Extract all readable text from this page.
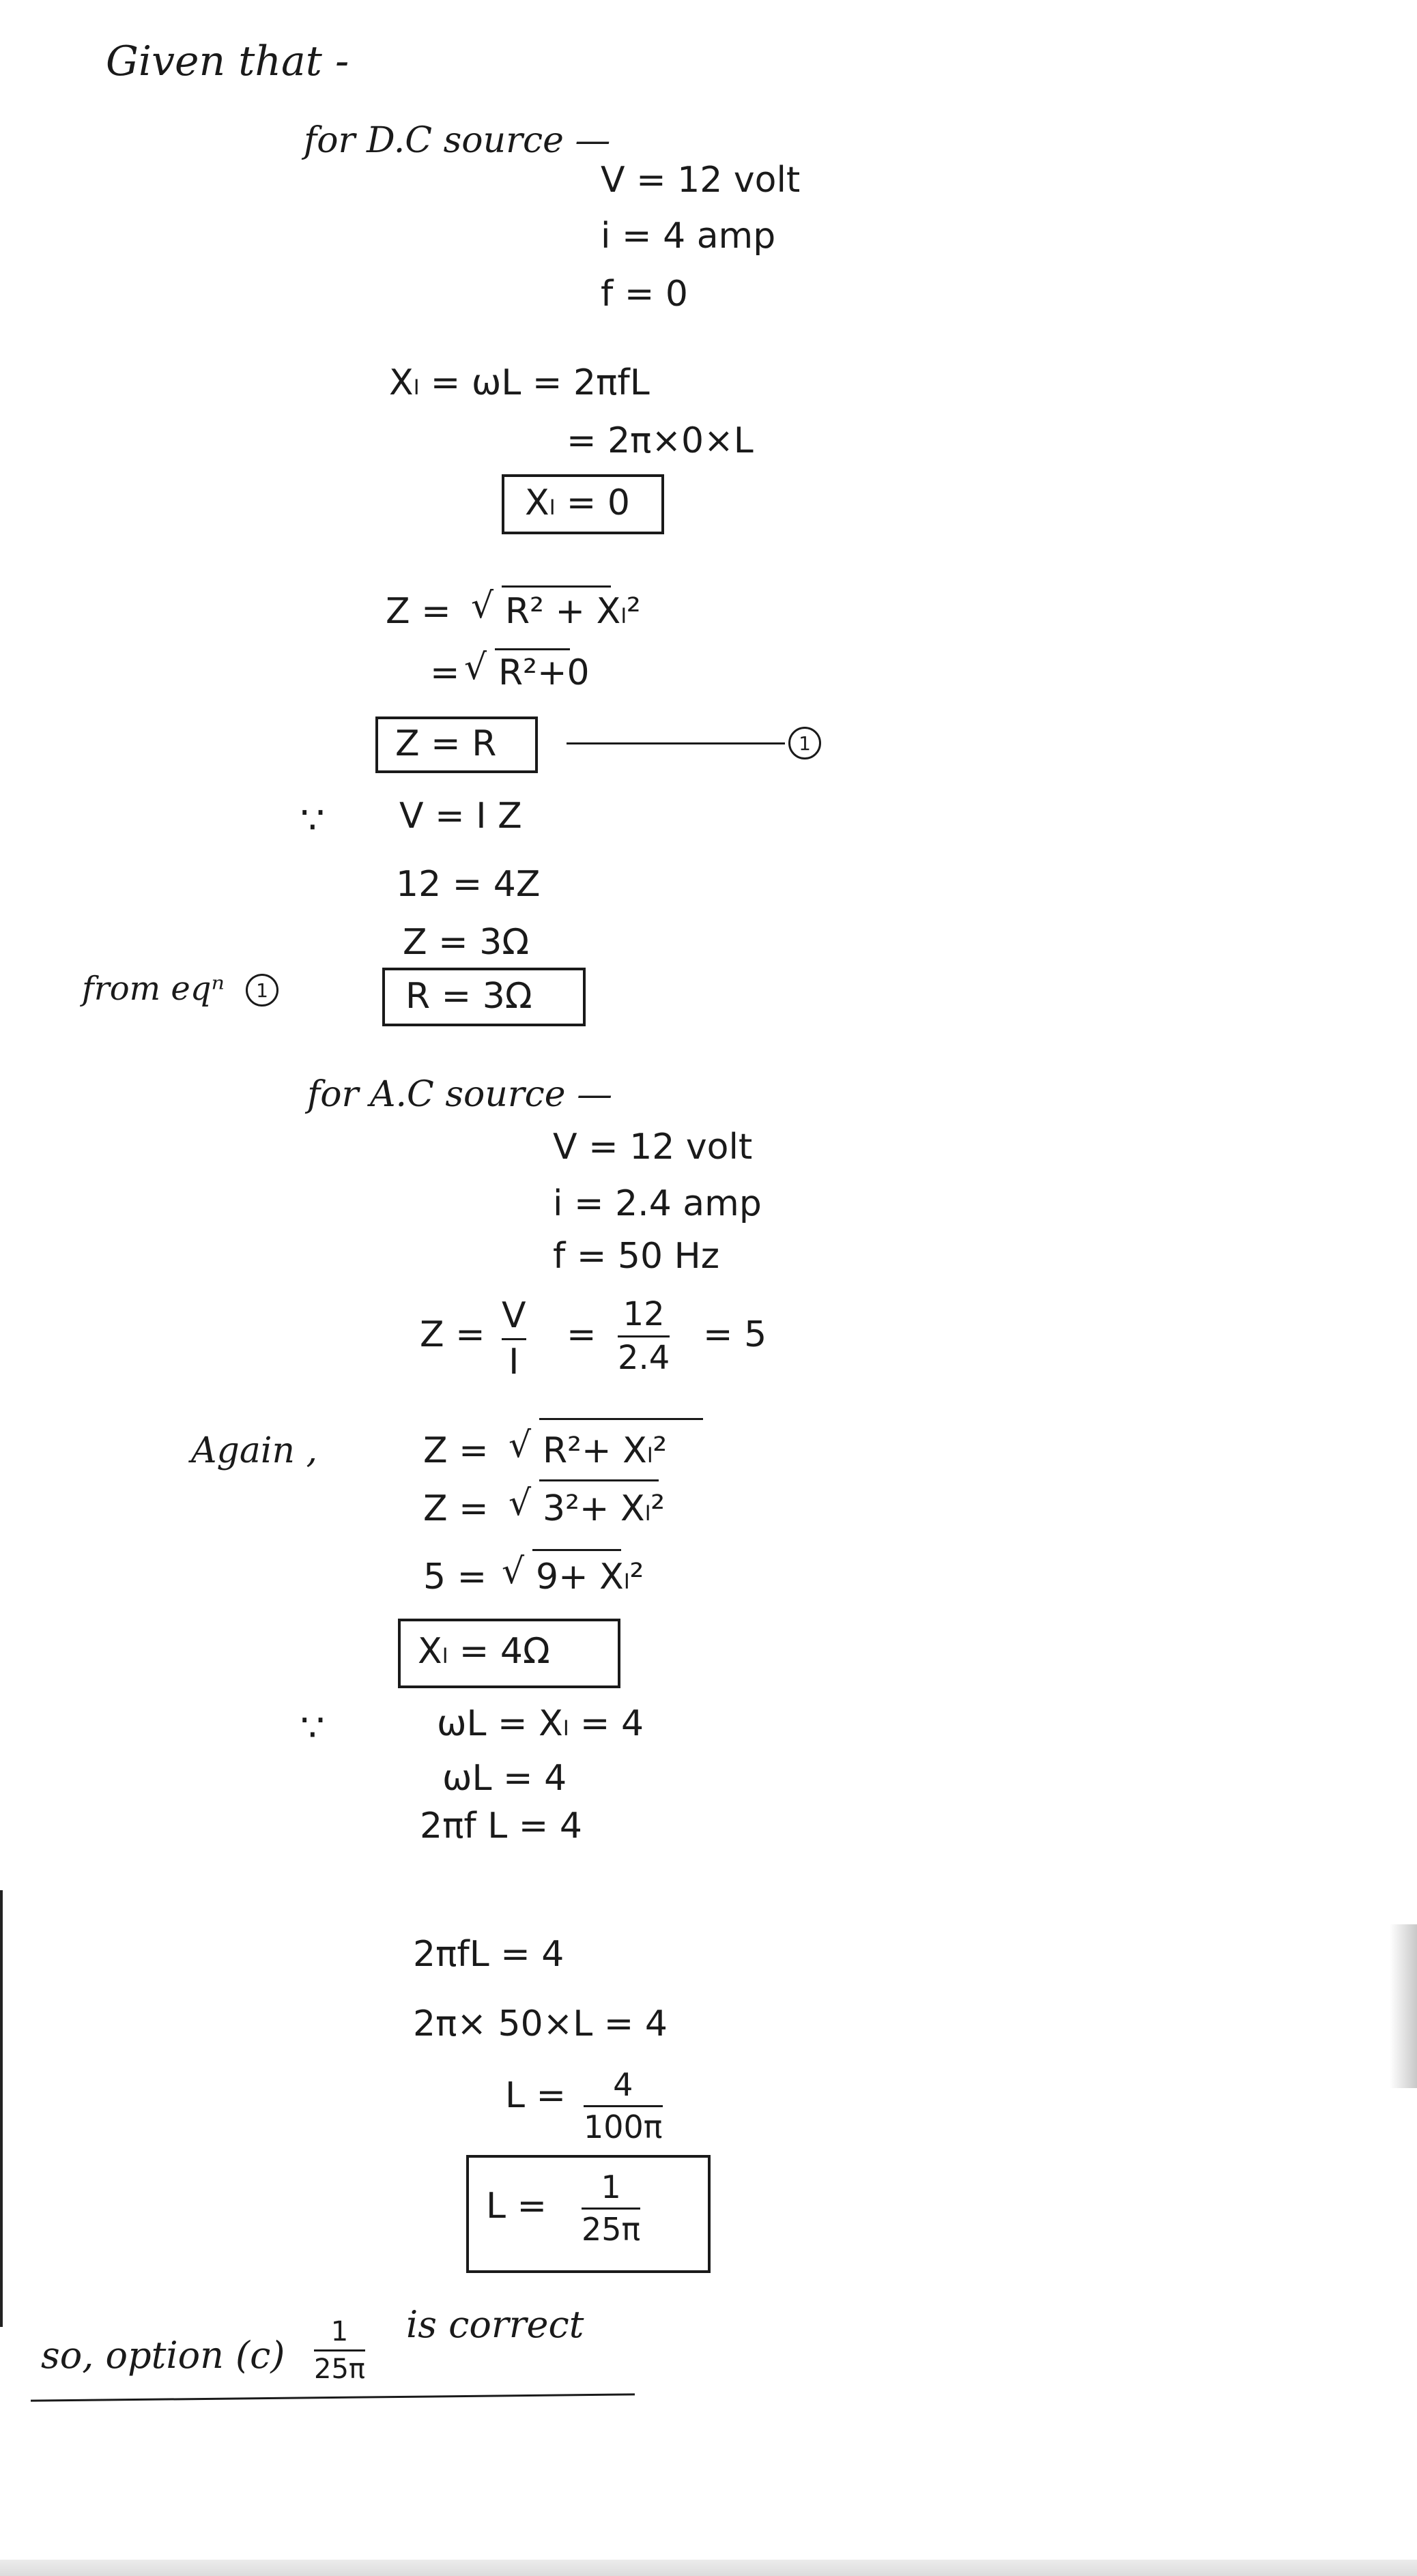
Given that -
for D.C source —
V = 12 volt
i = 4 amp
f = 0
Xₗ = ωL = 2πfL
= 2π×0×L
Xₗ = 0
Z = √ R² + Xₗ²
= √ R²+0
Z = R	1
∵ V = I Z
12 = 4Z
Z = 3Ω
from eqⁿ	1	R = 3Ω
for A.C source —
V = 12 volt
i = 2.4 amp
f = 50 Hz
Z = V
I
= 12
2.4
= 5
Again ,	Z = √ R²+ Xₗ²
Z = √ 3²+ Xₗ²
5 = √ 9+ Xₗ²
Xₗ = 4Ω
∵	ωL = Xₗ = 4
ωL = 4
2πf L = 4
2πfL = 4
2π× 50×L = 4
L = 4
100π
L = 1
25π
so, option (c)
1
25π
is correct
